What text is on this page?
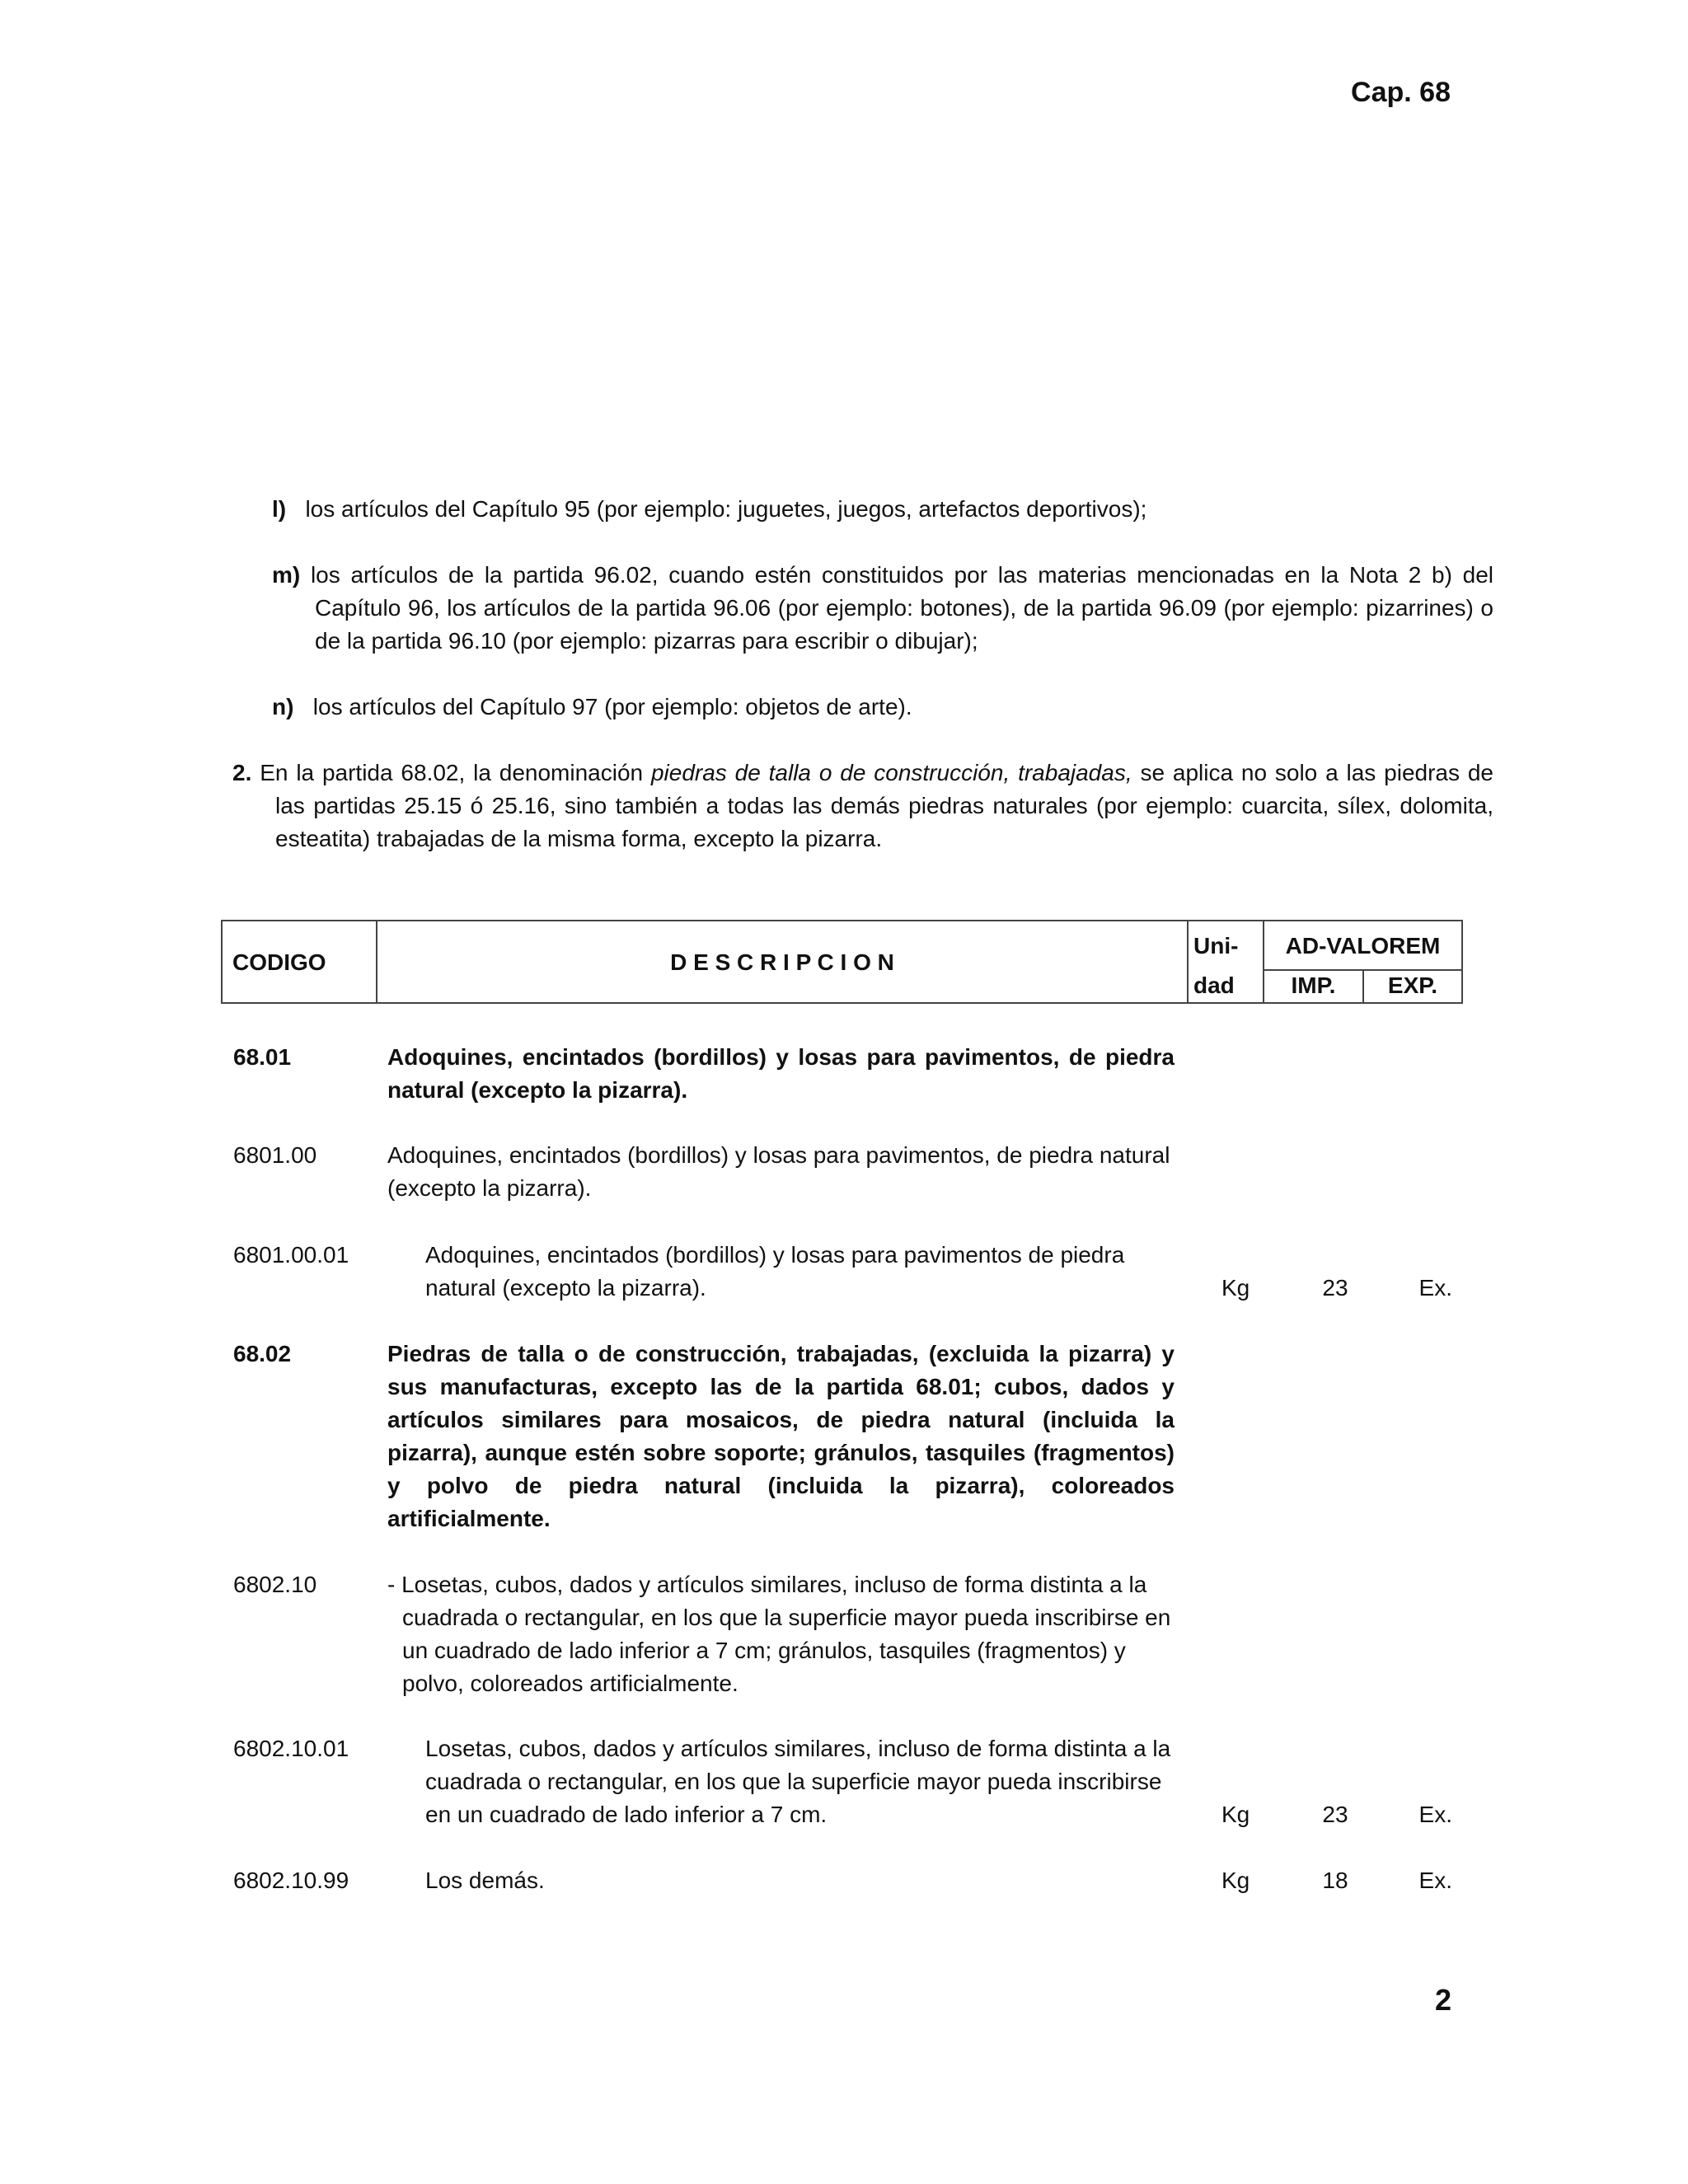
Cap. 68
l) los artículos del Capítulo 95 (por ejemplo: juguetes, juegos, artefactos deportivos);
m) los artículos de la partida 96.02, cuando estén constituidos por las materias mencionadas en la Nota 2 b) del Capítulo 96, los artículos de la partida 96.06 (por ejemplo: botones), de la partida 96.09 (por ejemplo: pizarrines) o de la partida 96.10 (por ejemplo: pizarras para escribir o dibujar);
n) los artículos del Capítulo 97 (por ejemplo: objetos de arte).
2. En la partida 68.02, la denominación piedras de talla o de construcción, trabajadas, se aplica no solo a las piedras de las partidas 25.15 ó 25.16, sino también a todas las demás piedras naturales (por ejemplo: cuarcita, sílex, dolomita, esteatita) trabajadas de la misma forma, excepto la pizarra.
CODIGO	D E S C R I P C I O N
Uni-
dad
AD-VALOREM
IMP.	EXP.
68.01	Adoquines, encintados (bordillos) y losas para pavimentos, de piedra natural (excepto la pizarra).
6801.00	Adoquines, encintados (bordillos) y losas para pavimentos, de piedra natural (excepto la pizarra).
6801.00.01	Adoquines, encintados (bordillos) y losas para pavimentos de piedra natural (excepto la pizarra).	Kg	23	Ex.
68.02	Piedras de talla o de construcción, trabajadas, (excluida la pizarra) y sus manufacturas, excepto las de la partida 68.01; cubos, dados y artículos similares para mosaicos, de piedra natural (incluida la pizarra), aunque estén sobre soporte; gránulos, tasquiles (fragmentos) y polvo de piedra natural (incluida la pizarra), coloreados artificialmente.
6802.10	- Losetas, cubos, dados y artículos similares, incluso de forma distinta a la cuadrada o rectangular, en los que la superficie mayor pueda inscribirse en un cuadrado de lado inferior a 7 cm; gránulos, tasquiles (fragmentos) y polvo, coloreados artificialmente.
6802.10.01	Losetas, cubos, dados y artículos similares, incluso de forma distinta a la cuadrada o rectangular, en los que la superficie mayor pueda inscribirse en un cuadrado de lado inferior a 7 cm.	Kg	23	Ex.
6802.10.99	Los demás.	Kg	18	Ex.
2
